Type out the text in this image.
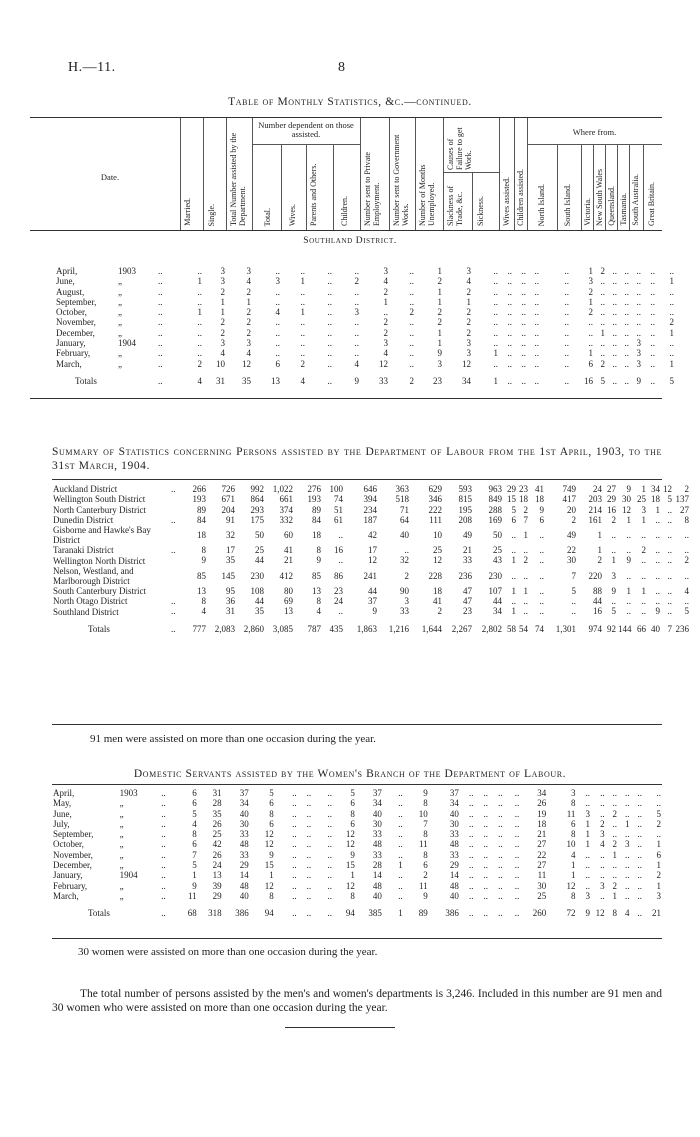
H.—11.	8
Table of Monthly Statistics, &c.—continued.
Date.
Married. Single. Total Number assisted by the Department.
Number dependent on those assisted.
Total. Wives. Parents and Others.	Children. Number sent to Private Employment. Number sent to Government Works. Number of Months Unemployed.
Causes of Failure to get Work.
Slackness of Trade, &c. Sickness. Wives assisted. Children assisted.
Where from.
North Island. South Island. Victoria. New South Wales Queensland. Tasmania. South Australia. Great Britain.
Southland District.
April,	1903	..	..	3	3	..	..	..	..	3	..	1	3	..	..	..	..	..	1	2	..	..	..	..	..
June,	„	..	1	3	4	3	1	..	2	4	..	2	4	..	..	..	..	..	3	..	..	..	..	..	1
August,	„	..	..	2	2	..	..	..	..	2	..	1	2	..	..	..	..	..	2	..	..	..	..	..	..
September,	„	..	..	1	1	..	..	..	..	1	..	1	1	..	..	..	..	..	1	..	..	..	..	..	..
October,	„	..	1	1	2	4	1	..	3	..	2	2	2	..	..	..	..	..	2	..	..	..	..	..	..
November,	„	..	..	2	2	..	..	..	..	2	..	2	2	..	..	..	..	..	..	..	..	..	..	..	2
December,	„	..	..	2	2	..	..	..	..	2	..	1	2	..	..	..	..	..	..	1	..	..	..	..	1
January,	1904	..	..	3	3	..	..	..	..	3	..	1	3	..	..	..	..	..	..	..	..	..	3	..	..
February,	„	..	..	4	4	..	..	..	..	4	..	9	3	1	..	..	..	..	1	..	..	..	3	..	..
March,	„	..	2	10	12	6	2	..	4	12	..	3	12	..	..	..	..	..	6	2	..	..	3	..	1
Totals		..	4	31	35	13	4	..	9	33	2	23	34	1	..	..	..	..	16	5	..	..	9	..	5
Summary of Statistics concerning Persons assisted by the Department of Labour from the 1st April, 1903, to the 31st March, 1904.
Auckland District	..	266	726	992	1,022	276	100	646	363	629	593	963	29	23	41	749	24	27	9	1	34	12	2	
Wellington South District		193	671	864	661	193	74	394	518	346	815	849	15	18	18	417	203	29	30	25	18	5	137	
North Canterbury District		89	204	293	374	89	51	234	71	222	195	288	5	2	9	20	214	16	12	3	1	..	27	
Dunedin District	..	84	91	175	332	84	61	187	64	111	208	169	6	7	6	2	161	2	1	1	..	..	8	
Gisborne and Hawke's Bay District		18	32	50	60	18	..	42	40	10	49	50	..	1	..	49	1	..	..	..	..	..	..	
Taranaki District	..	8	17	25	41	8	16	17	..	25	21	25	..	..	..	22	1	..	..	2	..	..	..	
Wellington North District		9	35	44	21	9	..	12	32	12	33	43	1	2	..	30	2	1	9	..	..	..	2	
Nelson, Westland, and Marlborough District		85	145	230	412	85	86	241	2	228	236	230	..	..	..	7	220	3	..	..	..	..	..	
South Canterbury District		13	95	108	80	13	23	44	90	18	47	107	1	1	..	5	88	9	1	1	..	..	4	
North Otago District	..	8	36	44	69	8	24	37	3	41	47	44	..	..	..	..	44	..	..	..	..	..	..	
Southland District	..	4	31	35	13	4	..	9	33	2	23	34	1	..	..	..	16	5	..	..	9	..	5	
Totals	..	777	2,083	2,860	3,085	787	435	1,863	1,216	1,644	2,267	2,802	58	54	74	1,301	974	92	144	66	40	7	236	
91 men were assisted on more than one occasion during the year.
Domestic Servants assisted by the Women's Branch of the Department of Labour.
April,	1903	..	6	31	37	5	..	..	..	5	37	..	9	37	..	..	..	..	34	3	..	..	..	..	..	..
May,	„	..	6	28	34	6	..	..	..	6	34	..	8	34	..	..	..	..	26	8	..	..	..	..	..	..
June,	„	..	5	35	40	8	..	..	..	8	40	..	10	40	..	..	..	..	19	11	3	..	2	..	..	5
July,	„	..	4	26	30	6	..	..	..	6	30	..	7	30	..	..	..	..	18	6	1	2	..	1	..	2
September,	„	..	8	25	33	12	..	..	..	12	33	..	8	33	..	..	..	..	21	8	1	3	..	..	..	..
October,	„	..	6	42	48	12	..	..	..	12	48	..	11	48	..	..	..	..	27	10	1	4	2	3	..	1
November,	„	..	7	26	33	9	..	..	..	9	33	..	8	33	..	..	..	..	22	4	..	..	1	..	..	6
December,	„	..	5	24	29	15	..	..	..	15	28	1	6	29	..	..	..	..	27	1	..	..	..	..	..	1
January,	1904	..	1	13	14	1	..	..	..	1	14	..	2	14	..	..	..	..	11	1	..	..	..	..	..	2
February,	„	..	9	39	48	12	..	..	..	12	48	..	11	48	..	..	..	..	30	12	..	3	2	..	..	1
March,	„	..	11	29	40	8	..	..	..	8	40	..	9	40	..	..	..	..	25	8	3	..	1	..	..	3
Totals		..	68	318	386	94	..	..	..	94	385	1	89	386	..	..	..	..	260	72	9	12	8	4	..	21
30 women were assisted on more than one occasion during the year.
The total number of persons assisted by the men's and women's departments is 3,246. Included in this number are 91 men and 30 women who were assisted on more than one occasion during the year.
